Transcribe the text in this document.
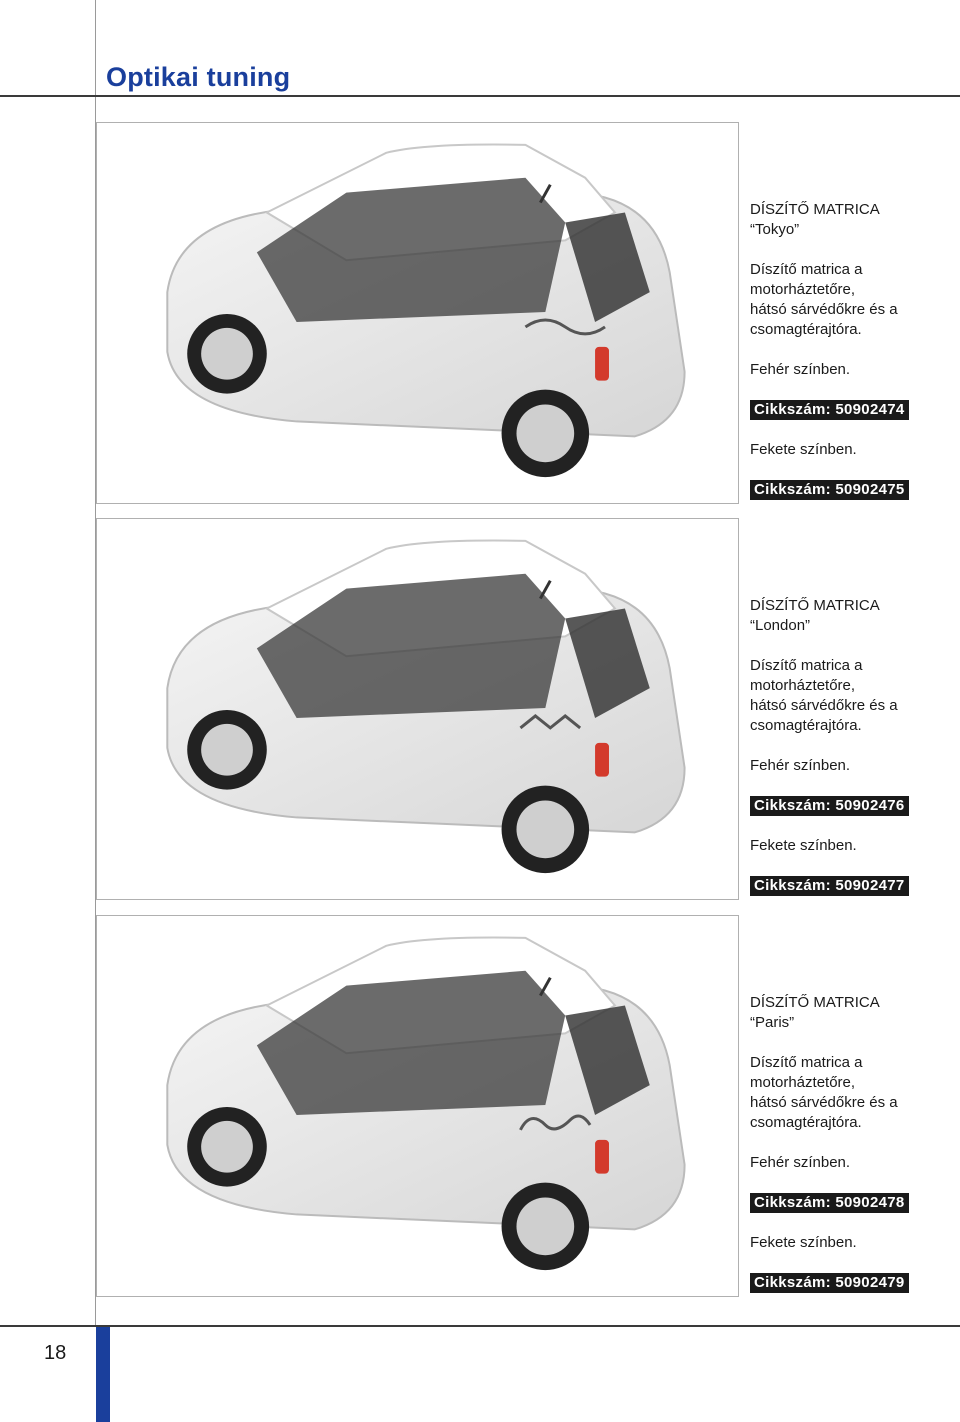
Optikai tuning
DÍSZÍTŐ MATRICA
“Tokyo”
Díszítő matrica a
motorháztetőre,
hátsó sárvédőkre és a
csomagtérajtóra.
Fehér színben.
Cikkszám: 50902474
Fekete színben.
Cikkszám: 50902475
DÍSZÍTŐ MATRICA
“London”
Díszítő matrica a
motorháztetőre,
hátsó sárvédőkre és a
csomagtérajtóra.
Fehér színben.
Cikkszám: 50902476
Fekete színben.
Cikkszám: 50902477
DÍSZÍTŐ MATRICA
“Paris”
Díszítő matrica a
motorháztetőre,
hátsó sárvédőkre és a
csomagtérajtóra.
Fehér színben.
Cikkszám: 50902478
Fekete színben.
Cikkszám: 50902479
18
